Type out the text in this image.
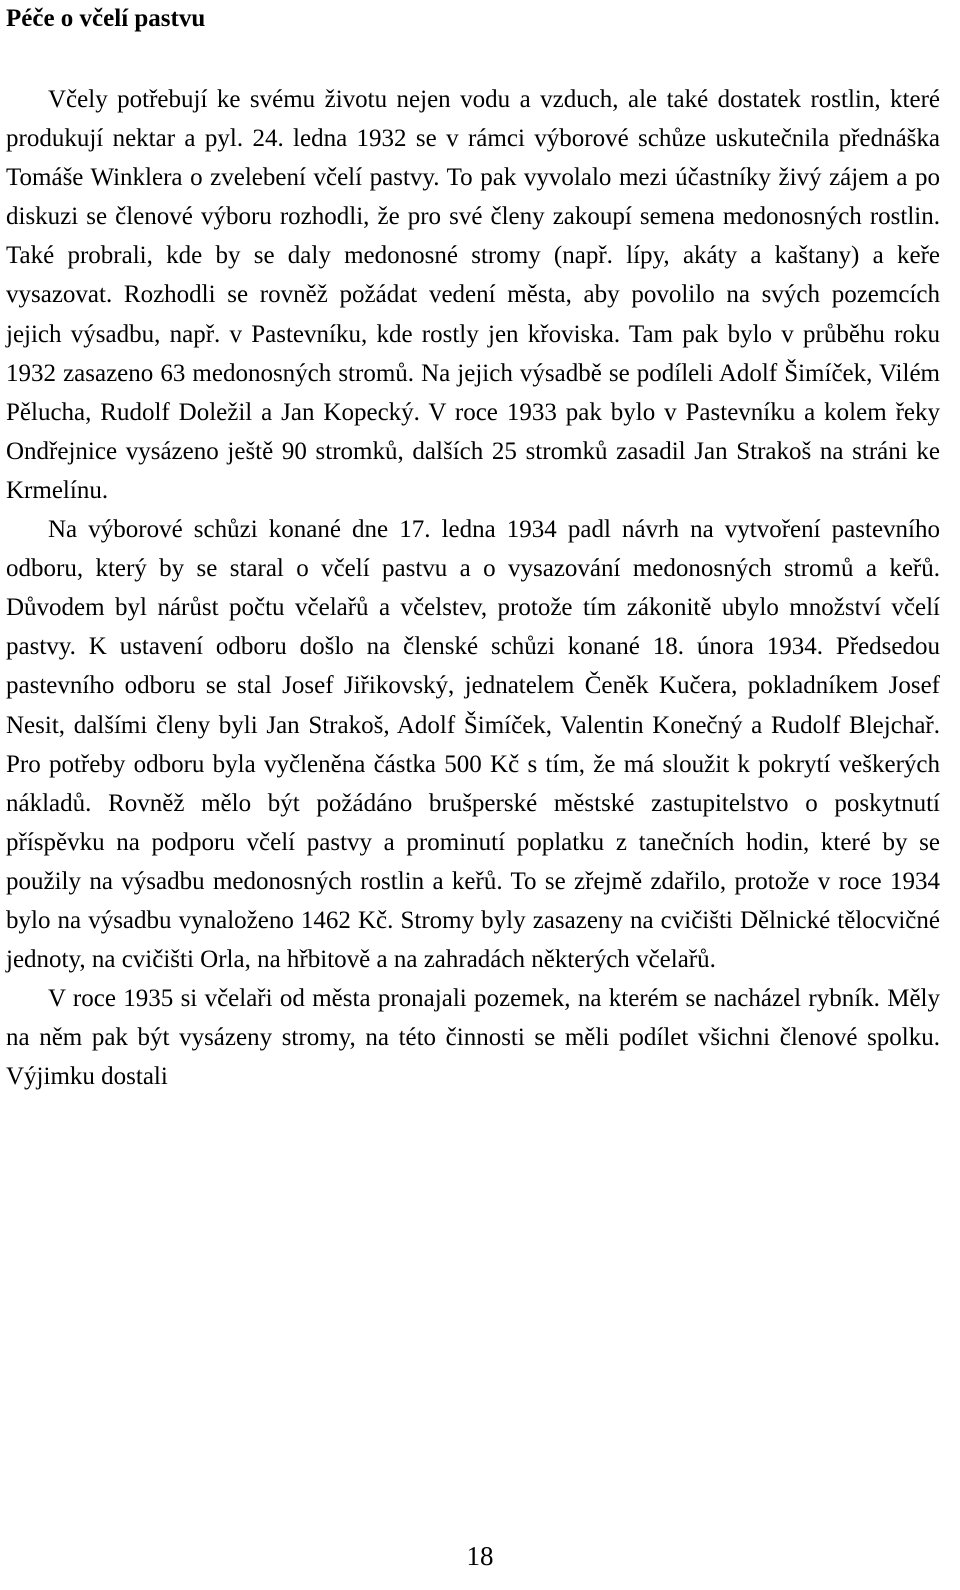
Péče o včelí pastvu

Včely potřebují ke svému životu nejen vodu a vzduch, ale také dostatek rostlin, které produkují nektar a pyl. 24. ledna 1932 se v rámci výborové schůze uskutečnila přednáška Tomáše Winklera o zvelebení včelí pastvy. To pak vyvolalo mezi účastníky živý zájem a po diskuzi se členové výboru rozhodli, že pro své členy zakoupí semena medonosných rostlin. Také probrali, kde by se daly medonosné stromy (např. lípy, akáty a kaštany) a keře vysazovat. Rozhodli se rovněž požádat vedení města, aby povolilo na svých pozemcích jejich výsadbu, např. v Pastevníku, kde rostly jen křoviska. Tam pak bylo v průběhu roku 1932 zasazeno 63 medonosných stromů. Na jejich výsadbě se podíleli Adolf Šimíček, Vilém Pělucha, Rudolf Doležil a Jan Kopecký. V roce 1933 pak bylo v Pastevníku a kolem řeky Ondřejnice vysázeno ještě 90 stromků, dalších 25 stromků zasadil Jan Strakoš na stráni ke Krmelínu.

Na výborové schůzi konané dne 17. ledna 1934 padl návrh na vytvoření pastevního odboru, který by se staral o včelí pastvu a o vysazování medonosných stromů a keřů. Důvodem byl nárůst počtu včelařů a včelstev, protože tím zákonitě ubylo množství včelí pastvy. K ustavení odboru došlo na členské schůzi konané 18. února 1934. Předsedou pastevního odboru se stal Josef Jiřikovský, jednatelem Čeněk Kučera, pokladníkem Josef Nesit, dalšími členy byli Jan Strakoš, Adolf Šimíček, Valentin Konečný a Rudolf Blejchař. Pro potřeby odboru byla vyčleněna částka 500 Kč s tím, že má sloužit k pokrytí veškerých nákladů. Rovněž mělo být požádáno brušperské městské zastupitelstvo o poskytnutí příspěvku na podporu včelí pastvy a prominutí poplatku z tanečních hodin, které by se použily na výsadbu medonosných rostlin a keřů. To se zřejmě zdařilo, protože v roce 1934 bylo na výsadbu vynaloženo 1462 Kč. Stromy byly zasazeny na cvičišti Dělnické tělocvičné jednoty, na cvičišti Orla, na hřbitově a na zahradách některých včelařů.

V roce 1935 si včelaři od města pronajali pozemek, na kterém se nacházel rybník. Měly na něm pak být vysázeny stromy, na této činnosti se měli podílet všichni členové spolku. Výjimku dostali

18
